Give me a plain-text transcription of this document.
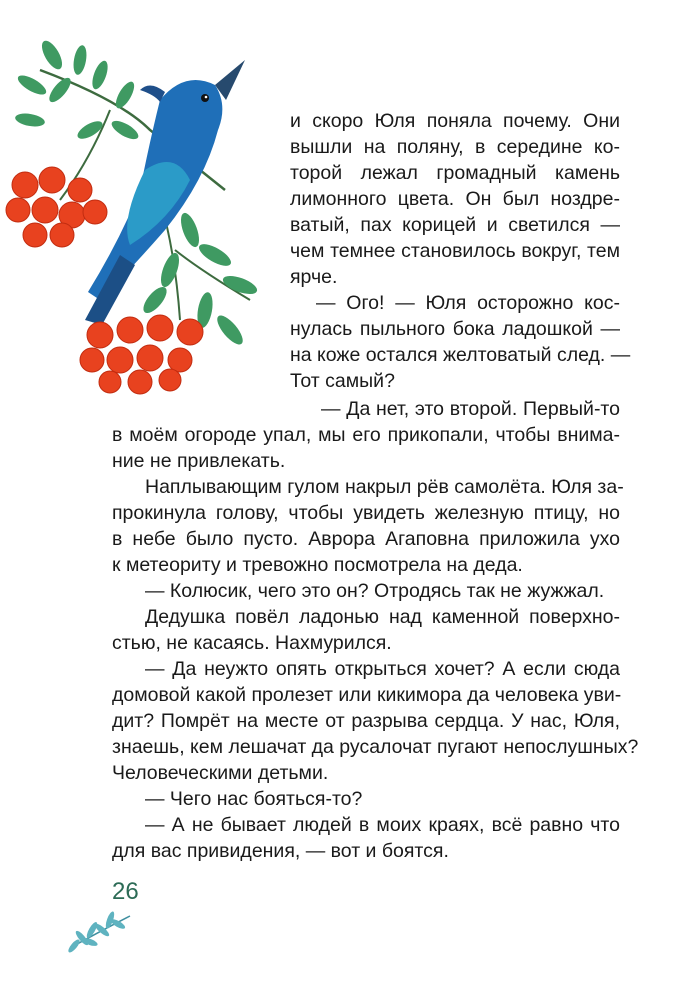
и скоро Юля поняла почему. Они
вышли на поляну, в середине ко-
торой лежал громадный камень
лимонного цвета. Он был ноздре-
ватый, пах корицей и светился —
чем темнее становилось вокруг, тем
ярче.
— Ого! — Юля осторожно кос-
нулась пыльного бока ладошкой —
на коже остался желтоватый след. —
Тот самый?
— Да нет, это второй. Первый-то
в моём огороде упал, мы его прикопали, чтобы внима-
ние не привлекать.
Наплывающим гулом накрыл рёв самолёта. Юля за-
прокинула голову, чтобы увидеть железную птицу, но
в небе было пусто. Аврора Агаповна приложила ухо
к метеориту и тревожно посмотрела на деда.
— Колюсик, чего это он? Отродясь так не жужжал.
Дедушка повёл ладонью над каменной поверхно-
стью, не касаясь. Нахмурился.
— Да неужто опять открыться хочет? А если сюда
домовой какой пролезет или кикимора да человека уви-
дит? Помрёт на месте от разрыва сердца. У нас, Юля,
знаешь, кем лешачат да русалочат пугают непослушных?
Человеческими детьми.
— Чего нас бояться-то?
— А не бывает людей в моих краях, всё равно что
для вас привидения, — вот и боятся.
26
